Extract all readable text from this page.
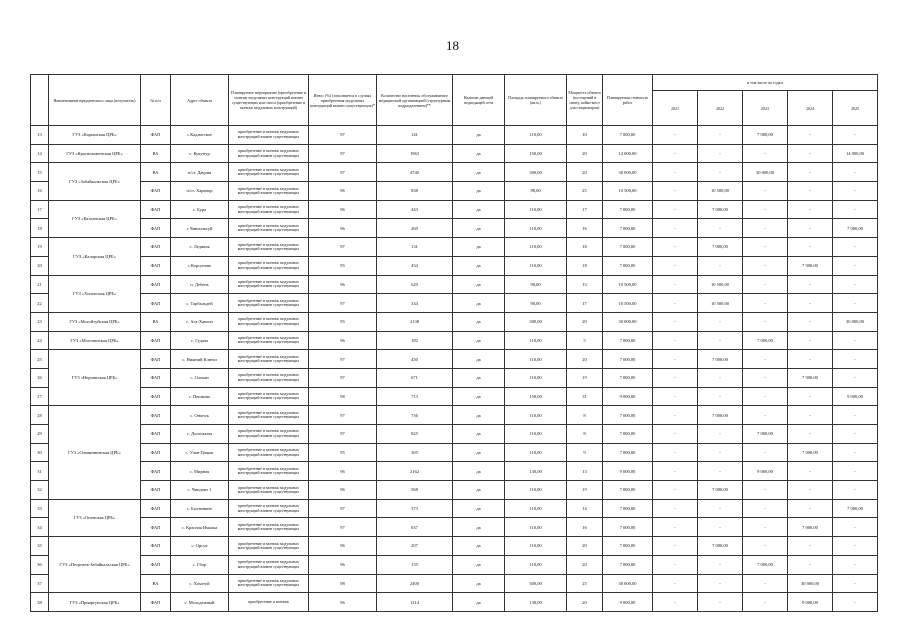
18
	Наименование юридического лица (получатель)	№ п/п	Адрес объекта	Планируемое мероприятие (приобретение и монтаж модульных конструкций взамен существующих или сноса (приобретение и монтаж модульных конструкций)	Износ (%) (заполняется в случаях приобретения модульных конструкций взамен существующих)*	Количество населения, обслуживаемое медицинской организацией (структурным подразделением)**	Наличие дающей подводящей сети	Площадь планируемого объекта (кв.м.)	Мощность объекта (посещений в смену, койко-мест для стационаров)	Планируемая стоимость работ	в том числе по годам				
											2021	2022	2023	2024	2025
13	ГУЗ «Карымская ЦРБ»	ФАП	с.Кадаческое	приобретение и монтаж модульных конструкций взамен существующих	97	141	да	110,00	10	7 000,00	-	-	7 000,00	-	-
14	ГУЗ «Краснокаменская ЦРБ»	ВА	с. Кукунур	приобретение и монтаж модульных конструкций взамен существующих	97	1963	да	150,00	20	14 000,00	-	-	-	-	14 000,00
15	ГУЗ «Забайкальская ЦРБ»	ВА	п/ст. Даурия	приобретение и монтаж модульных конструкций взамен существующих	97	4740	да	300,00	20	30 000,00	-	-	30 000,00	-	-
16		ФАП	п/ст. Харанор	приобретение и монтаж модульных конструкций взамен существующих	96	838	да	88,00	25	10 500,00	-	10 500,00	-	-	-
17	ГУЗ «Калганская ЦРБ»	ФАП	с. Бура	приобретение и монтаж модульных конструкций взамен существующих	96	443	да	110,00	17	7 000,00	-	7 000,00	-	-	-
18		ФАП	с.Чингильтуй	приобретение и монтаж модульных конструкций взамен существующих	96	269	да	110,00	16	7 000,00	-	-	-	-	7 000,00
19	ГУЗ «Каларская ЦРБ»	ФАП	с. Ледяная	приобретение и монтаж модульных конструкций взамен существующих	97	131	да	110,00	18	7 000,00	-	7 000,00	-	-	-
20		ФАП	с.Корсуново	приобретение и монтаж модульных конструкций взамен существующих	95	434	да	110,00	18	7 000,00	-	-	-	7 000,00	-
21	ГУЗ «Хилокская ЦРБ»	ФАП	п. Дебень	приобретение и монтаж модульных конструкций взамен существующих	96	620	да	90,00	13	10 500,00	-	10 500,00	-	-	-
22		ФАП	с. Тарбальдей	приобретение и монтаж модульных конструкций взамен существующих	97	334	да	90,00	17	10 500,00	-	10 500,00	-	-	-
23	ГУЗ «Могойтуйская ЦРБ»	ВА	с. Ага-Хангил	приобретение и монтаж модульных конструкций взамен существующих	95	2138	да	300,00	20	30 000,00	-	-	-	-	30 000,00
24	ГУЗ «Могочинская ЦРБ»	ФАП	с. Гудача	приобретение и монтаж модульных конструкций взамен существующих	96	182	да	110,00	5	7 000,00	-	-	7 000,00	-	-
25	ГУЗ «Нерчинская ЦРБ»	ФАП	с. Нижний Ключи	приобретение и монтаж модульных конструкций взамен существующих	97	450	да	110,00	20	7 000,00	-	7 000,00	-	-	-
26		ФАП	с. Олекан	приобретение и монтаж модульных конструкций взамен существующих	97	671	да	110,00	19	7 000,00	-	-	-	7 000,00	-
27		ФАП	с. Пешково	приобретение и монтаж модульных конструкций взамен существующих	98	713	да	150,00	31	9 000,00	-	-	-	-	9 000,00
28	ГУЗ «Оловяннинская ЦРБ»	ФАП	с. Ононск	приобретение и монтаж модульных конструкций взамен существующих	97	736	да	110,00	8	7 000,00	-	7 000,00	-	-	-
29		ФАП	с. Долгокыча	приобретение и монтаж модульных конструкций взамен существующих	97	825	да	110,00	8	7 000,00	-	-	7 000,00	-	-
30		ФАП	с. Улан-Цацык	приобретение и монтаж модульных конструкций взамен существующих	95	305	да	110,00	9	7 000,00	-	-	-	7 000,00	-
31		ФАП	с. Мирная	приобретение и монтаж модульных конструкций взамен существующих	96	2162	да	130,00	13	9 000,00	-	-	9 000,00	-	-
32		ФАП	с. Чиндант 1	приобретение и монтаж модульных конструкций взамен существующих	96	568	да	110,00	19	7 000,00	-	7 000,00	-	-	-
33	ГУЗ «Ононская ЦРБ»	ФАП	с. Болтинино	приобретение и монтаж модульных конструкций взамен существующих	97	373	да	110,00	14	7 000,00	-	-	-	-	7 000,00
34		ФАП	с. Красная Ималка	приобретение и монтаж модульных конструкций взамен существующих	97	637	да	110,00	16	7 000,00	-	-	-	7 000,00	-
35	ГУЗ «Петровск-Забайкальская ЦРБ»	ФАП	с. Орсук	приобретение и монтаж модульных конструкций взамен существующих	96	207	да	110,00	20	7 000,00	-	7 000,00	-	-	-
36		ФАП	с. Гбор	приобретение и монтаж модульных конструкций взамен существующих	96	155	да	110,00	20	7 000,00	-	-	7 000,00	-	-
37		ВА	с. Хохотуй	приобретение и монтаж модульных конструкций взамен существующих	98	2400	да	300,00	25	30 000,00	-	-	-	30 000,00	-
38	ГУЗ «Приаргунская ЦРБ»	ФАП	с. Молодежный	приобретение и монтаж	96	1214	да	130,00	20	9 000,00	-	-	-	9 000,00	-
